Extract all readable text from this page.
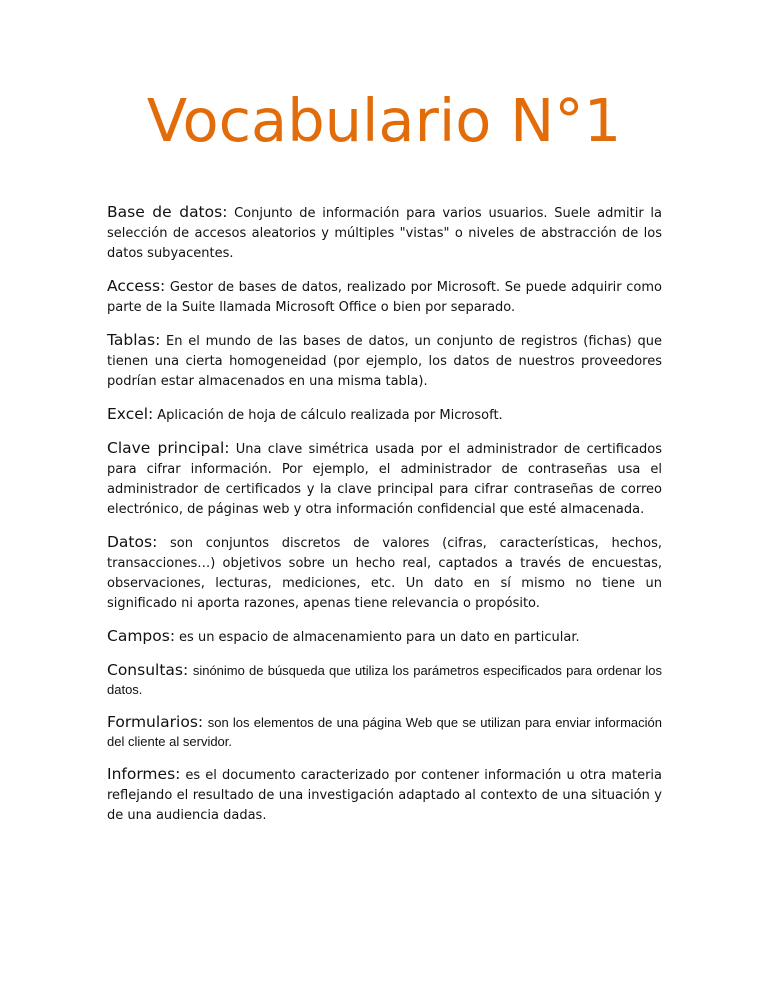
Vocabulario N°1

Base de datos: Conjunto de información para varios usuarios. Suele admitir la selección de accesos aleatorios y múltiples "vistas" o niveles de abstracción de los datos subyacentes.

Access: Gestor de bases de datos, realizado por Microsoft. Se puede adquirir como parte de la Suite llamada Microsoft Office o bien por separado.

Tablas: En el mundo de las bases de datos, un conjunto de registros (fichas) que tienen una cierta homogeneidad (por ejemplo, los datos de nuestros proveedores podrían estar almacenados en una misma tabla).

Excel: Aplicación de hoja de cálculo realizada por Microsoft.

Clave principal: Una clave simétrica usada por el administrador de certificados para cifrar información. Por ejemplo, el administrador de contraseñas usa el administrador de certificados y la clave principal para cifrar contraseñas de correo electrónico, de páginas web y otra información confidencial que esté almacenada.

Datos: son conjuntos discretos de valores (cifras, características, hechos, transacciones…) objetivos sobre un hecho real, captados a través de encuestas, observaciones, lecturas, mediciones, etc. Un dato en sí mismo no tiene un significado ni aporta razones, apenas tiene relevancia o propósito.

Campos: es un espacio de almacenamiento para un dato en particular.

Consultas: sinónimo de búsqueda que utiliza los parámetros especificados para ordenar los datos.

Formularios: son los elementos de una página Web que se utilizan para enviar información del cliente al servidor.

Informes: es el documento caracterizado por contener información u otra materia reflejando el resultado de una investigación adaptado al contexto de una situación y de una audiencia dadas.
